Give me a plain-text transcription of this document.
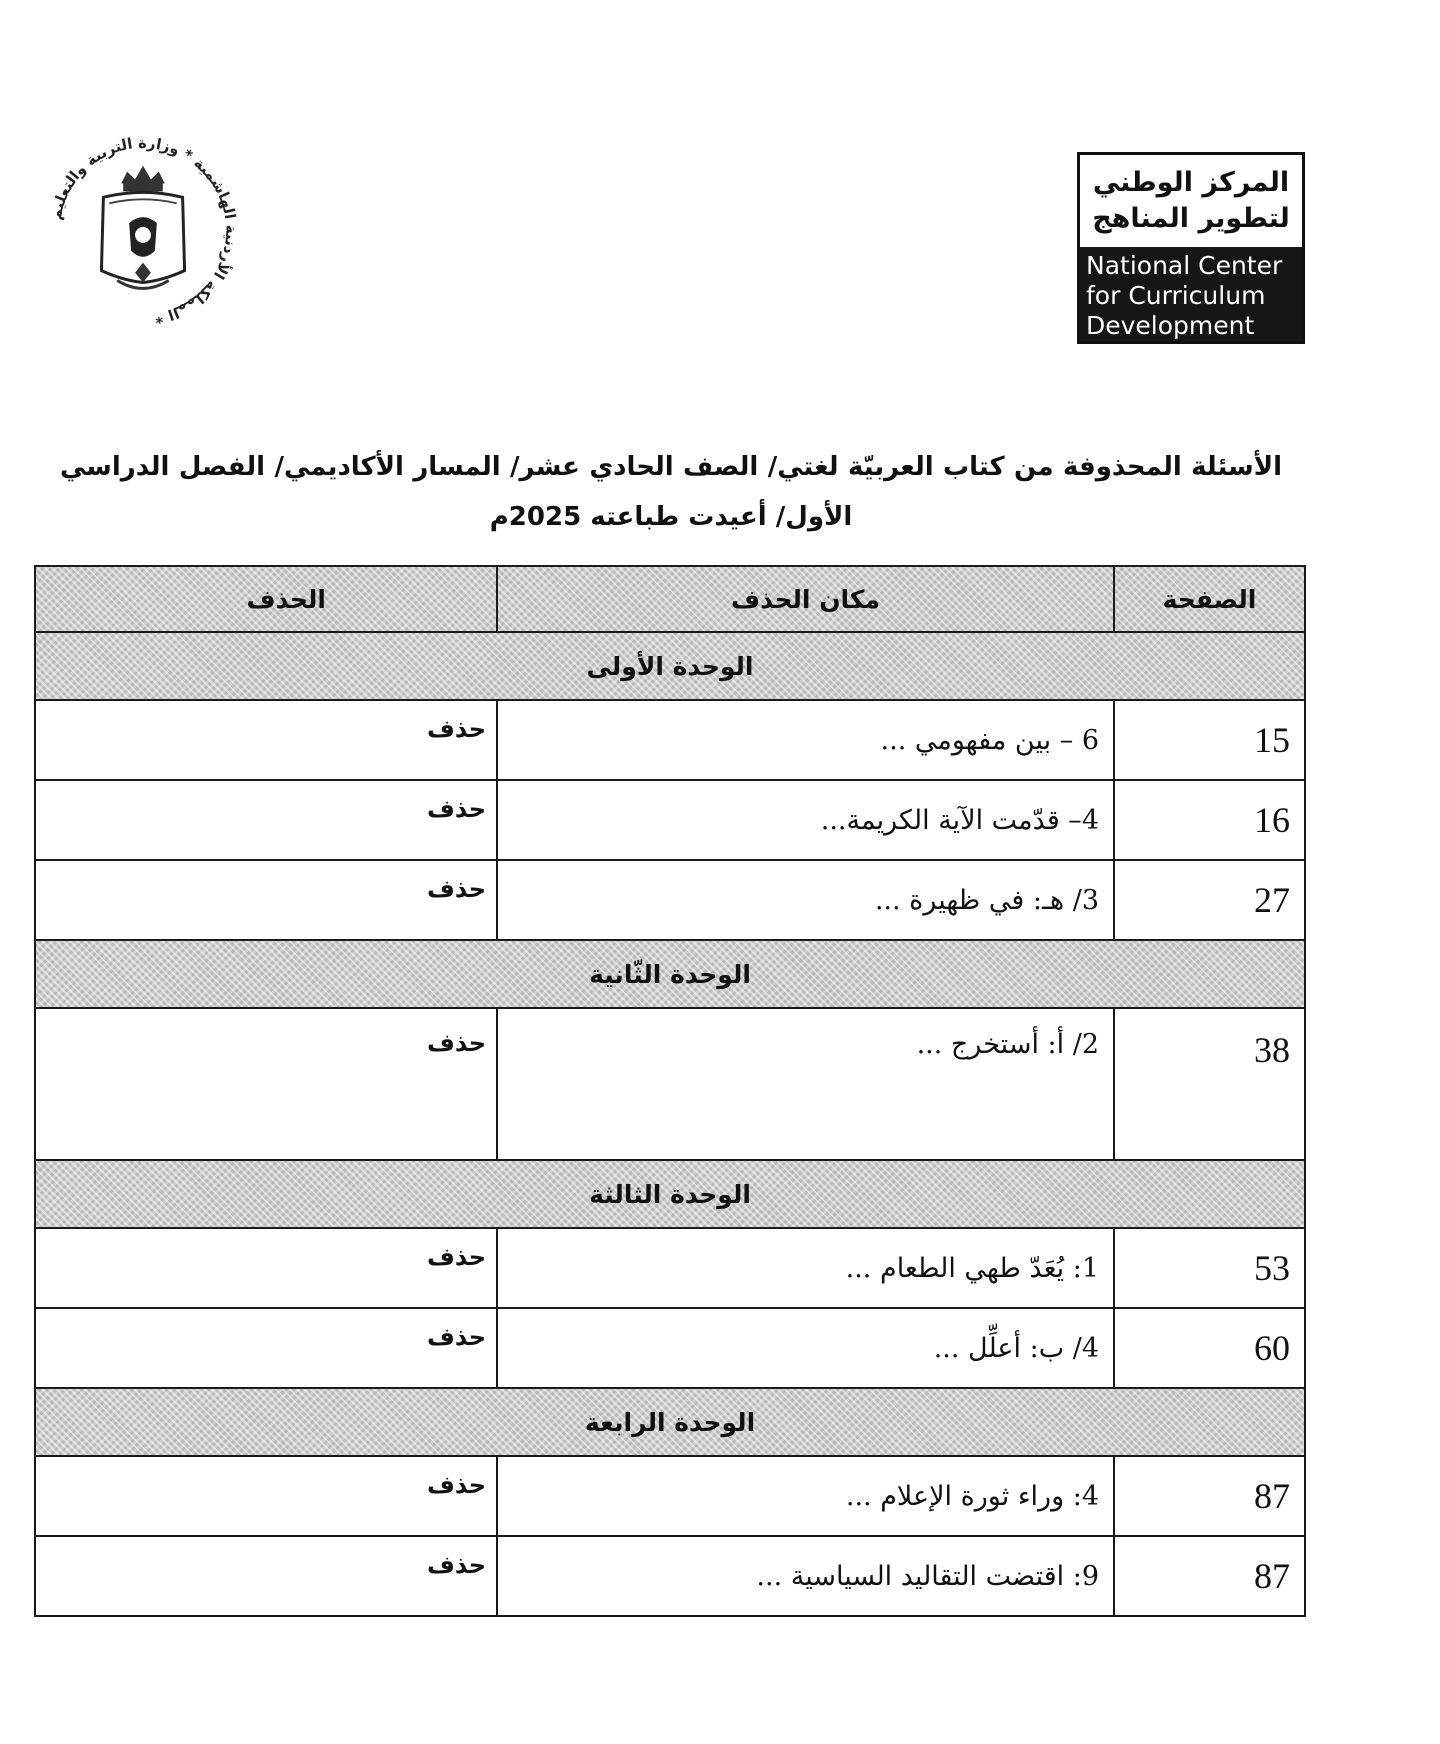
المركز الوطني
لتطوير المناهج
National Center
for Curriculum
Development
المملكة الأردنية الهاشمية * وزارة التربية والتعليم *
الأسئلة المحذوفة من كتاب العربيّة لغتي/ الصف الحادي عشر/ المسار الأكاديمي/ الفصل الدراسي
الأول/ أعيدت طباعته 2025م
الصفحة	مكان الحذف	الحذف
الوحدة الأولى		
15	6 – بين مفهومي ...	حذف
16	4– قدّمت الآية الكريمة...	حذف
27	3/ هـ: في ظهيرة ...	حذف
الوحدة الثّانية		
38	2/ أ: أستخرج ...	حذف
الوحدة الثالثة		
53	1: يُعَدّ طهي الطعام ...	حذف
60	4/ ب: أعلِّل ...	حذف
الوحدة الرابعة		
87	4: وراء ثورة الإعلام ...	حذف
87	9: اقتضت التقاليد السياسية ...	حذف
